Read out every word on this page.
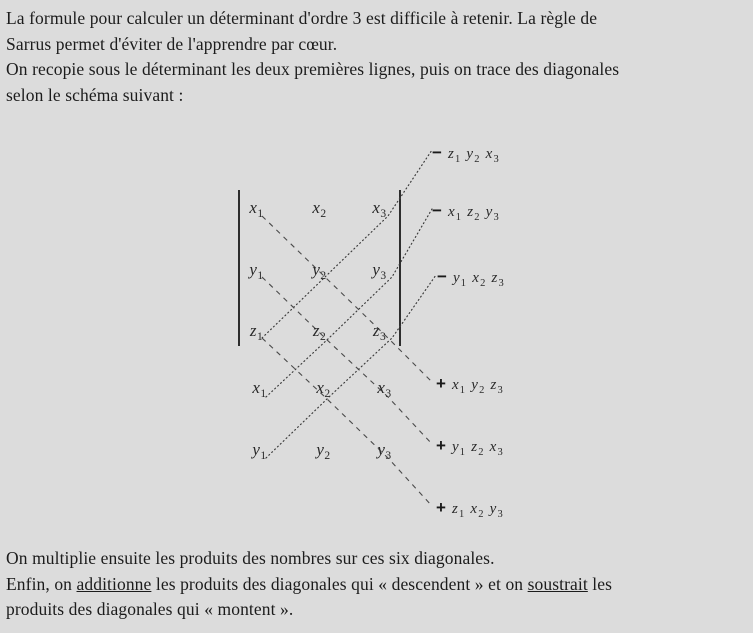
La formule pour calculer un déterminant d'ordre 3 est difficile à retenir. La règle de

Sarrus permet d'éviter de l'apprendre par cœur.

On recopie sous le déterminant les deux premières lignes, puis on trace des diagonales

selon le schéma suivant :

$x_1$	$x_2$	$x_3$
$y_1$	$y_2$	$y_3$
$z_1$	$z_2$	$z_3$
$x_1$	$x_2$	$x_3$
$y_1$	$y_2$	$y_3$
− $z_1$ $y_2$ $x_3$
− $x_1$ $z_2$ $y_3$
− $y_1$ $x_2$ $z_3$
+ $x_1$ $y_2$ $z_3$
+ $y_1$ $z_2$ $x_3$
+ $z_1$ $x_2$ $y_3$

On multiplie ensuite les produits des nombres sur ces six diagonales.

Enfin, on additionne les produits des diagonales qui « descendent » et on soustrait les

produits des diagonales qui « montent ».
